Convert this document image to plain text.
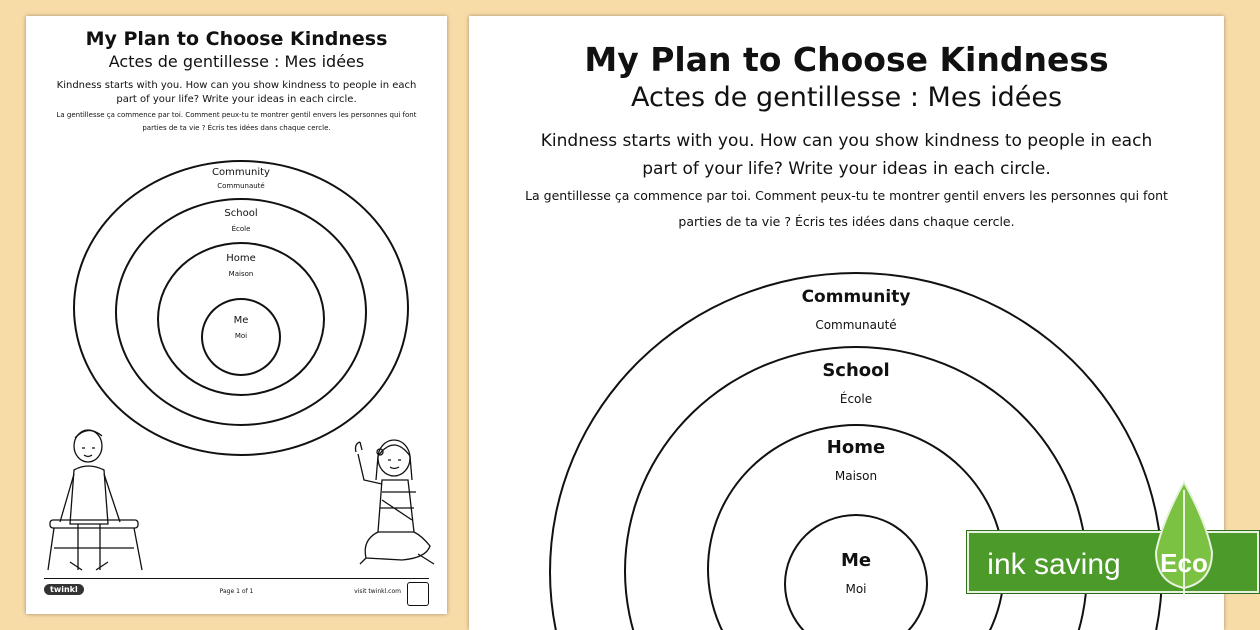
My Plan to Choose Kindness
Actes de gentillesse : Mes idées
Kindness starts with you. How can you show kindness to people in each
part of your life? Write your ideas in each circle.
La gentillesse ça commence par toi. Comment peux-tu te montrer gentil envers les personnes qui font
parties de ta vie ? Écris tes idées dans chaque cercle.
Community
Communauté
School
École
Home
Maison
Me
Moi
twinkl	Page 1 of 1	visit twinkl.com
My Plan to Choose Kindness
Actes de gentillesse : Mes idées
Kindness starts with you. How can you show kindness to people in each
part of your life? Write your ideas in each circle.
La gentillesse ça commence par toi. Comment peux-tu te montrer gentil envers les personnes qui font
parties de ta vie ? Écris tes idées dans chaque cercle.
Community
Communauté
School
École
Home
Maison
Me
Moi
ink saving Eco
